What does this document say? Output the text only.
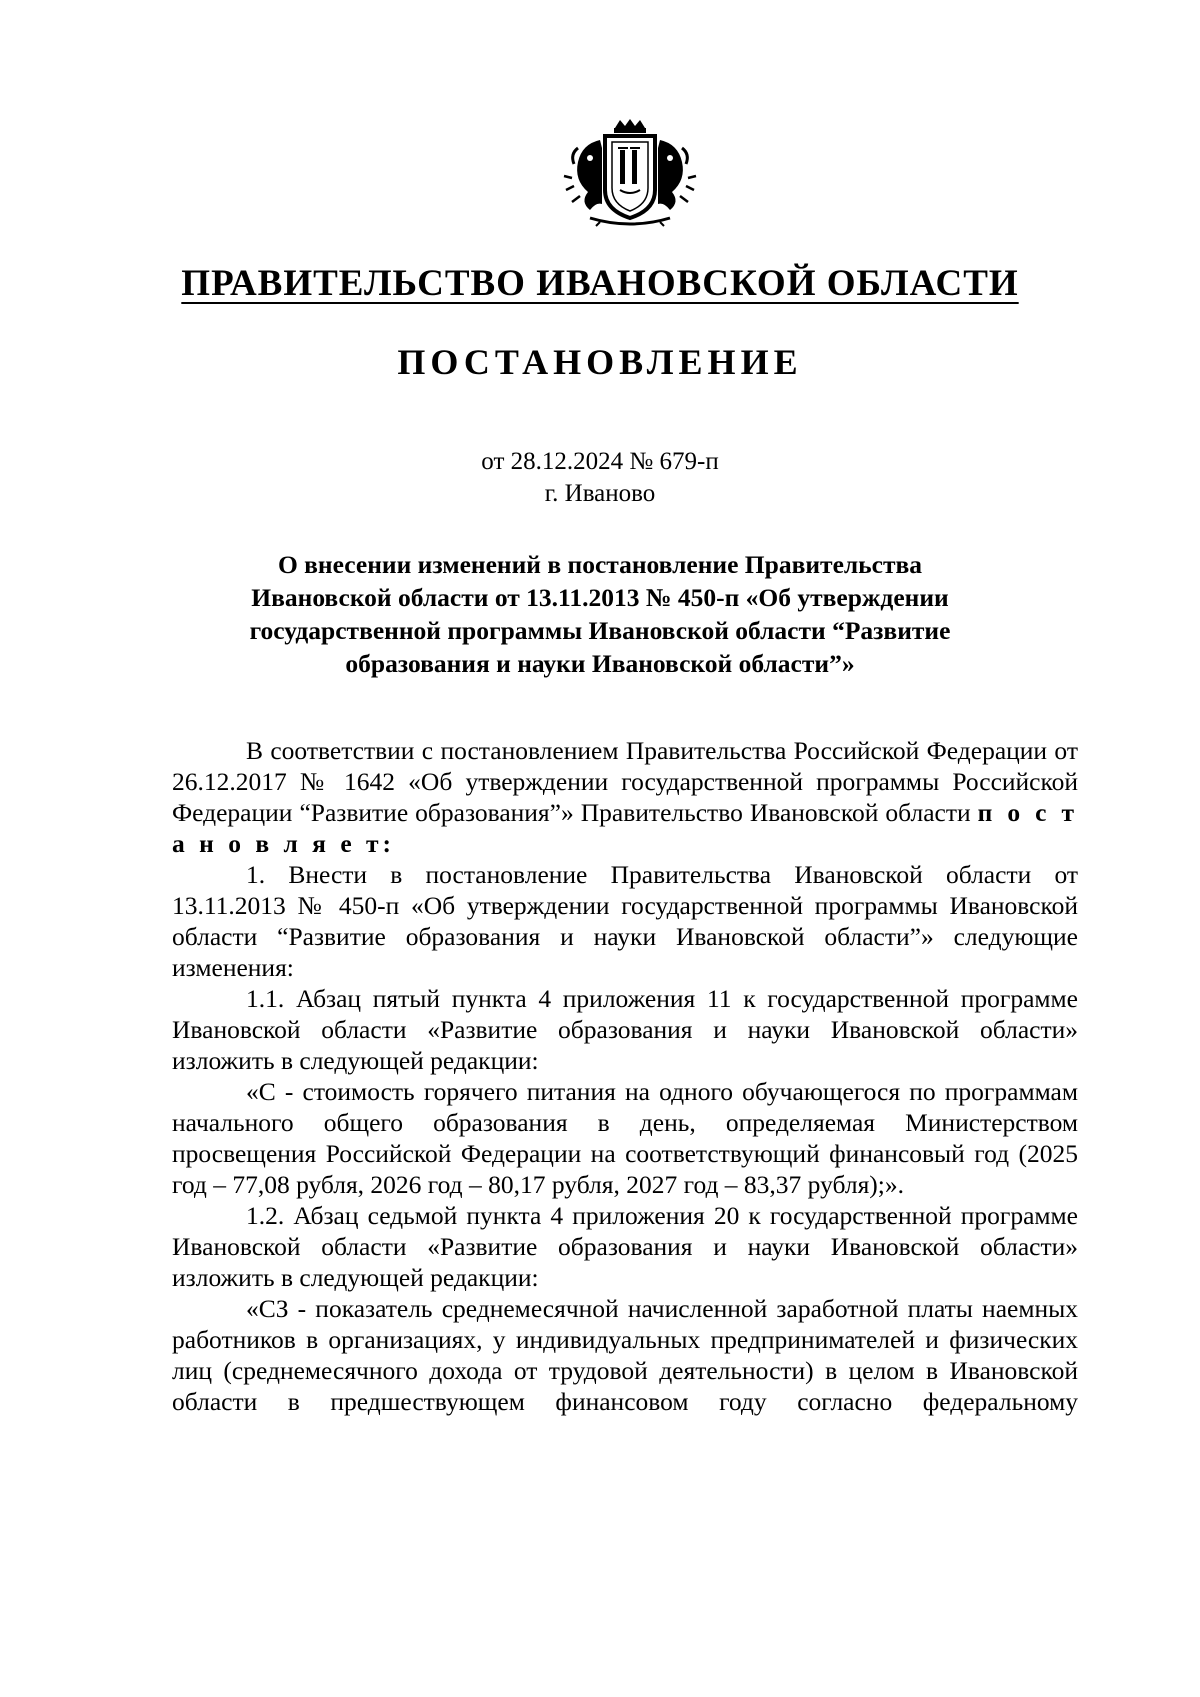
ПРАВИТЕЛЬСТВО ИВАНОВСКОЙ ОБЛАСТИ
ПОСТАНОВЛЕНИЕ
от 28.12.2024 № 679-п
г. Иваново
О внесении изменений в постановление Правительства
Ивановской области от 13.11.2013 № 450-п «Об утверждении
государственной программы Ивановской области “Развитие
образования и науки Ивановской области”»

В соответствии с постановлением Правительства Российской Федерации от 26.12.2017 № 1642 «Об утверждении государственной программы Российской Федерации “Развитие образования”» Правительство Ивановской области п о с т а н о в л я е т:

1. Внести в постановление Правительства Ивановской области от 13.11.2013 № 450-п «Об утверждении государственной программы Ивановской области “Развитие образования и науки Ивановской области”» следующие изменения:

1.1. Абзац пятый пункта 4 приложения 11 к государственной программе Ивановской области «Развитие образования и науки Ивановской области» изложить в следующей редакции:

«С - стоимость горячего питания на одного обучающегося по программам начального общего образования в день, определяемая Министерством просвещения Российской Федерации на соответствующий финансовый год (2025 год – 77,08 рубля, 2026 год – 80,17 рубля, 2027 год – 83,37 рубля);».

1.2. Абзац седьмой пункта 4 приложения 20 к государственной программе Ивановской области «Развитие образования и науки Ивановской области» изложить в следующей редакции:

«СЗ - показатель среднемесячной начисленной заработной платы наемных работников в организациях, у индивидуальных предпринимателей и физических лиц (среднемесячного дохода от трудовой деятельности) в целом в Ивановской области в предшествующем финансовом году согласно федеральному
